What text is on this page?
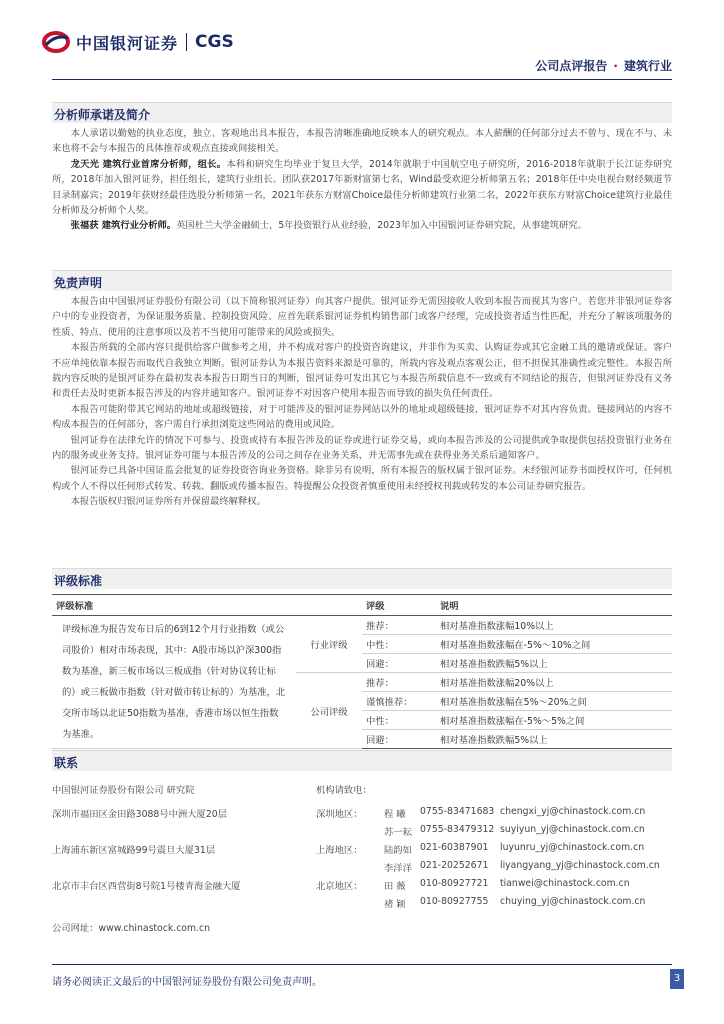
中国银河证券 CGS
公司点评报告 · 建筑行业
分析师承诺及简介

本人承诺以勤勉的执业态度，独立、客观地出具本报告，本报告清晰准确地反映本人的研究观点。本人薪酬的任何部分过去不曾与、现在不与、未来也将不会与本报告的具体推荐或观点直接或间接相关。

龙天光 建筑行业首席分析师，组长。本科和研究生均毕业于复旦大学，2014年就职于中国航空电子研究所，2016-2018年就职于长江证券研究所，2018年加入银河证券，担任组长，建筑行业组长。团队获2017年新财富第七名，Wind最受欢迎分析师第五名；2018年任中央电视台财经频道节目录制嘉宾；2019年获财经最佳选股分析师第一名，2021年获东方财富Choice最佳分析师建筑行业第二名，2022年获东方财富Choice建筑行业最佳分析师及分析师个人奖。

张福获 建筑行业分析师。英国杜兰大学金融硕士，5年投资银行从业经验，2023年加入中国银河证券研究院，从事建筑研究。

免责声明

本报告由中国银河证券股份有限公司（以下简称银河证券）向其客户提供。银河证券无需因接收人收到本报告而视其为客户。若您并非银河证券客户中的专业投资者，为保证服务质量、控制投资风险、应首先联系银河证券机构销售部门或客户经理，完成投资者适当性匹配，并充分了解该项服务的性质、特点、使用的注意事项以及若不当使用可能带来的风险或损失。

本报告所载的全部内容只提供给客户做参考之用，并不构成对客户的投资咨询建议，并非作为买卖、认购证券或其它金融工具的邀请或保证。客户不应单纯依靠本报告而取代自我独立判断。银河证券认为本报告资料来源是可靠的，所载内容及观点客观公正，但不担保其准确性或完整性。本报告所载内容反映的是银河证券在最初发表本报告日期当日的判断，银河证券可发出其它与本报告所载信息不一致或有不同结论的报告，但银河证券没有义务和责任去及时更新本报告涉及的内容并通知客户。银河证券不对因客户使用本报告而导致的损失负任何责任。

本报告可能附带其它网站的地址或超级链接，对于可能涉及的银河证券网站以外的地址或超级链接，银河证券不对其内容负责。链接网站的内容不构成本报告的任何部分，客户需自行承担浏览这些网站的费用或风险。

银河证券在法律允许的情况下可参与、投资或持有本报告涉及的证券或进行证券交易，或向本报告涉及的公司提供或争取提供包括投资银行业务在内的服务或业务支持。银河证券可能与本报告涉及的公司之间存在业务关系，并无需事先或在获得业务关系后通知客户。

银河证券已具备中国证监会批复的证券投资咨询业务资格。除非另有说明，所有本报告的版权属于银河证券。未经银河证券书面授权许可，任何机构或个人不得以任何形式转发、转载、翻版或传播本报告。特提醒公众投资者慎重使用未经授权刊载或转发的本公司证券研究报告。

本报告版权归银河证券所有并保留最终解释权。

评级标准
评级标准		评级	说明
评级标准为报告发布日后的6到12个月行业指数（或公司股价）相对市场表现，其中：A股市场以沪深300指数为基准，新三板市场以三板成指（针对协议转让标的）或三板做市指数（针对做市转让标的）为基准，北交所市场以北证50指数为基准，香港市场以恒生指数为基准。	行业评级	推荐：	相对基准指数涨幅10%以上
		中性：	相对基准指数涨幅在-5%～10%之间
		回避：	相对基准指数跌幅5%以上
	公司评级	推荐：	相对基准指数涨幅20%以上
		谨慎推荐：	相对基准指数涨幅在5%～20%之间
		中性：	相对基准指数涨幅在-5%～5%之间
		回避：	相对基准指数跌幅5%以上
联系
中国银河证券股份有限公司 研究院	机构请致电：
深圳市福田区金田路3088号中洲大厦20层	深圳地区： 程 曦 0755-83471683 chengxi_yj@chinastock.com.cn
苏一耘 0755-83479312 suyiyun_yj@chinastock.com.cn
上海浦东新区富城路99号震旦大厦31层	上海地区： 陆韵如 021-60387901 luyunru_yj@chinastock.com.cn
李洋洋 021-20252671 liyangyang_yj@chinastock.com.cn
北京市丰台区西营街8号院1号楼青海金融大厦	北京地区： 田 薇 010-80927721 tianwei@chinastock.com.cn
褚 颖 010-80927755 chuying_yj@chinastock.com.cn
公司网址：www.chinastock.com.cn
请务必阅读正文最后的中国银河证券股份有限公司免责声明。	3
